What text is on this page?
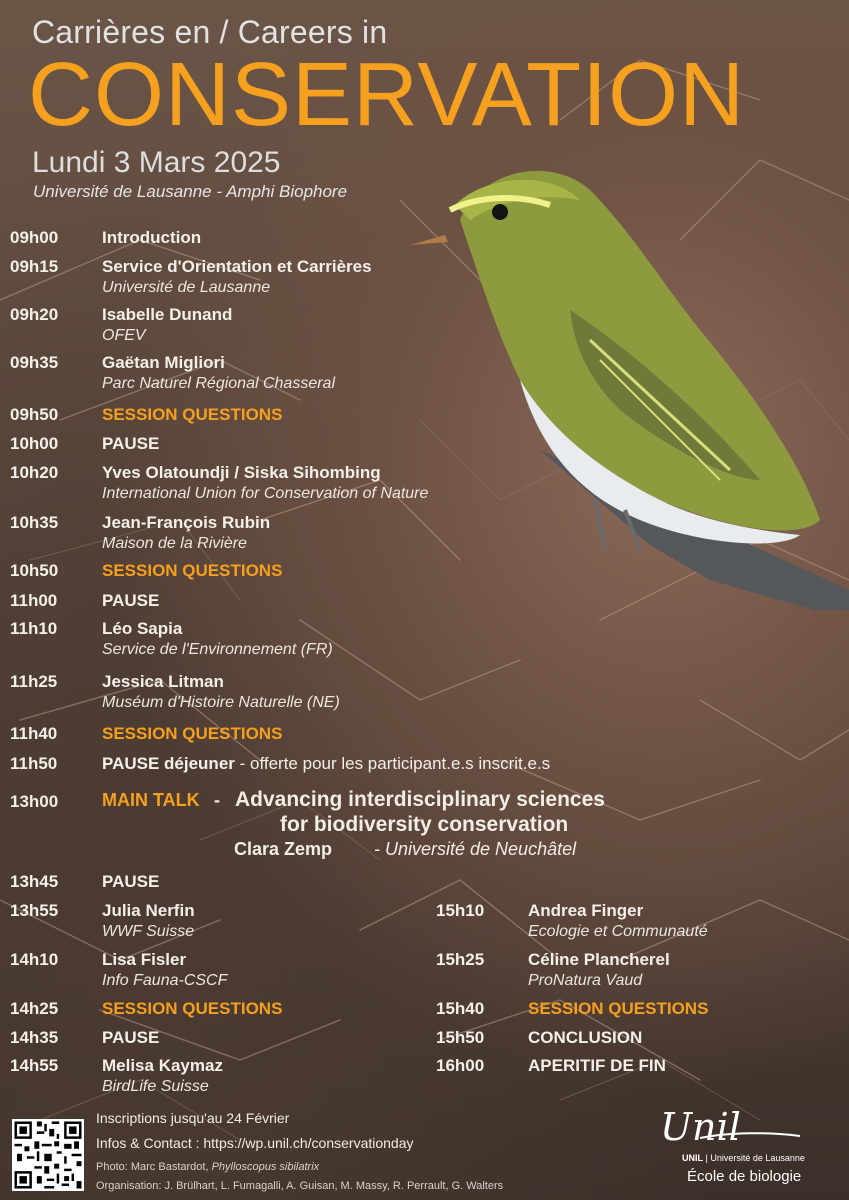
Carrières en / Careers in
CONSERVATION
Lundi 3 Mars 2025
Université de Lausanne - Amphi Biophore
09h00	Introduction
09h15	Service d'Orientation et Carrières
Université de Lausanne
09h20	Isabelle Dunand
OFEV
09h35	Gaëtan Migliori
Parc Naturel Régional Chasseral
09h50	SESSION QUESTIONS
10h00	PAUSE
10h20	Yves Olatoundji / Siska Sihombing
International Union for Conservation of Nature
10h35	Jean-François Rubin
Maison de la Rivière
10h50	SESSION QUESTIONS
11h00	PAUSE
11h10	Léo Sapia
Service de l'Environnement (FR)
11h25	Jessica Litman
Muséum d'Histoire Naturelle (NE)
11h40	SESSION QUESTIONS
11h50	PAUSE déjeuner - offerte pour les participant.e.s inscrit.e.s
13h00 MAIN TALK - Advancing interdisciplinary sciences
for biodiversity conservation
Clara Zemp - Université de Neuchâtel
13h45	PAUSE
13h55	Julia Nerfin
WWF Suisse
14h10	Lisa Fisler
Info Fauna-CSCF
14h25	SESSION QUESTIONS
14h35	PAUSE
14h55	Melisa Kaymaz
BirdLife Suisse
15h10	Andrea Finger
Ecologie et Communauté
15h25	Céline Plancherel
ProNatura Vaud
15h40	SESSION QUESTIONS
15h50	CONCLUSION
16h00	APERITIF DE FIN
Inscriptions jusqu'au 24 Février
Infos & Contact : https://wp.unil.ch/conservationday
Photo: Marc Bastardot, Phylloscopus sibilatrix
Organisation: J. Brülhart, L. Fumagalli, A. Guisan, M. Massy, R. Perrault, G. Walters
Unil
UNIL | Université de Lausanne
École de biologie
